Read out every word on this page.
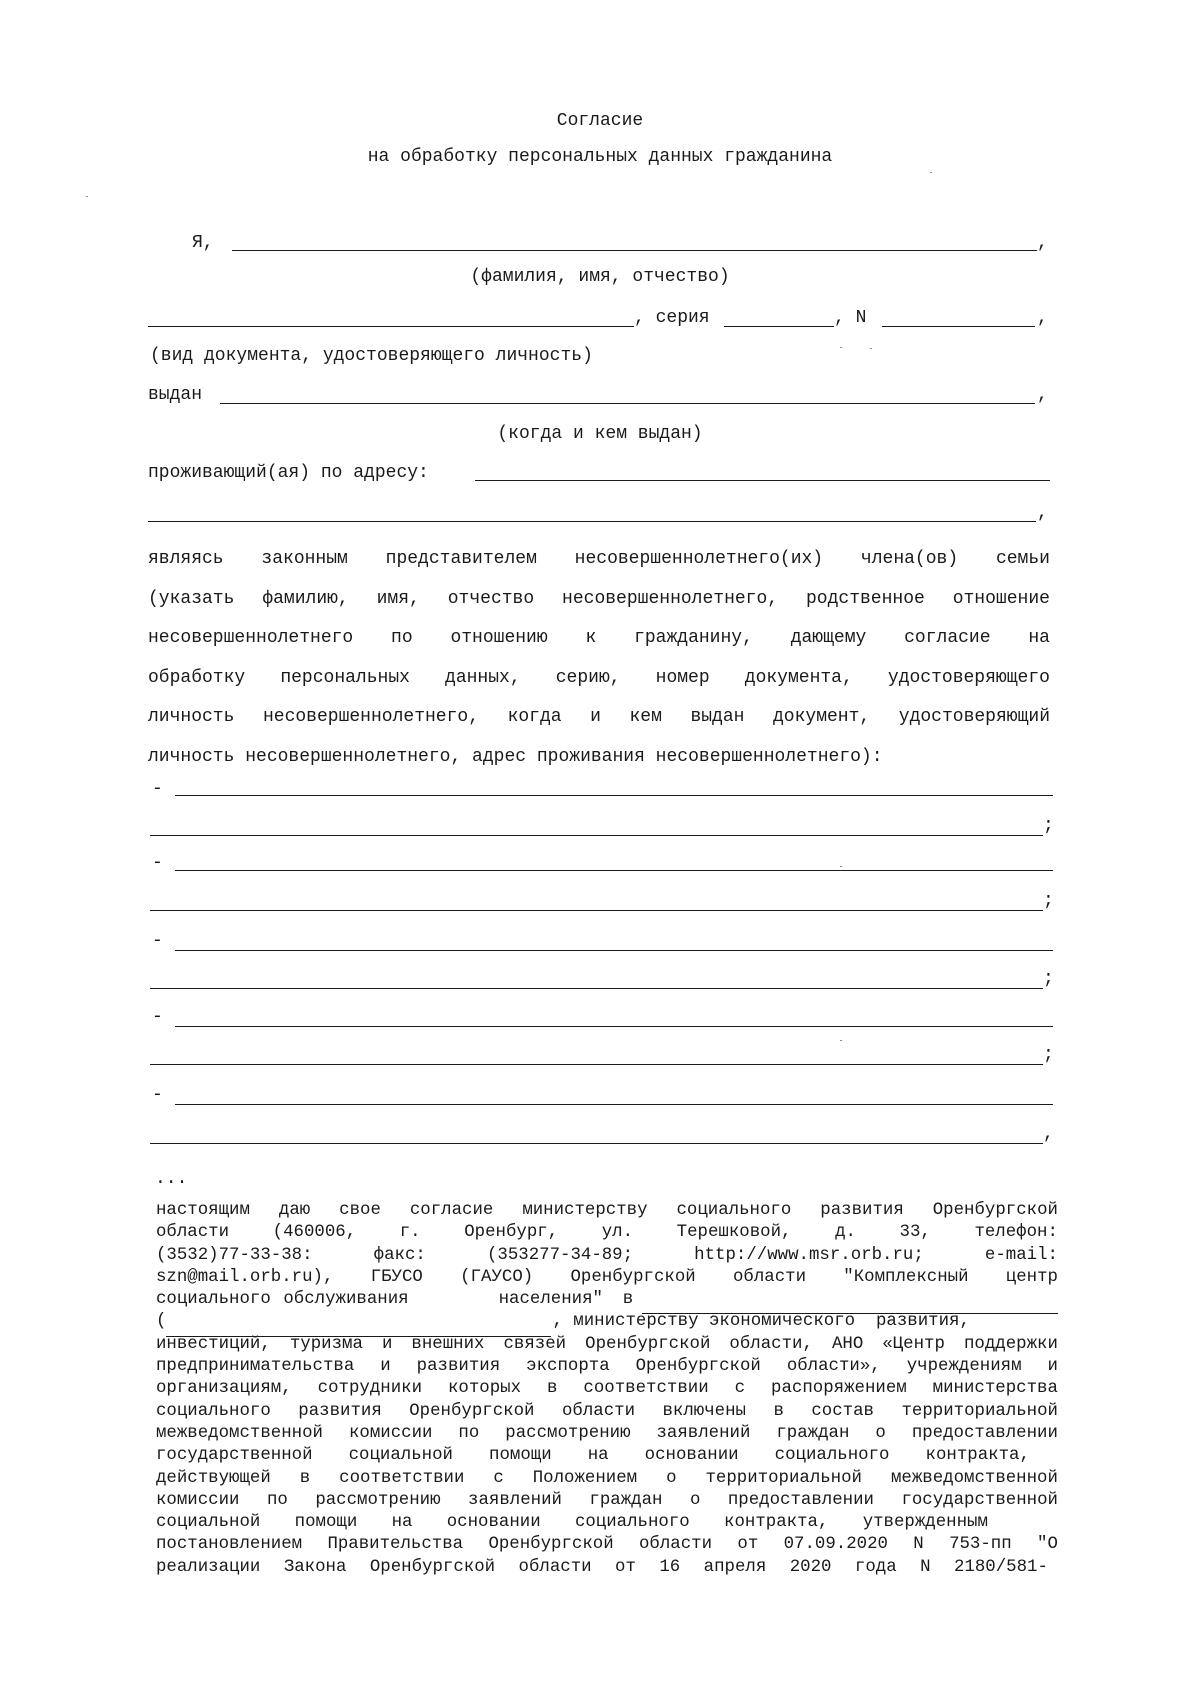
Согласие
на обработку персональных данных гражданина
Я,	,
(фамилия, имя, отчество)
, серия	, N	,
(вид документа, удостоверяющего личность)
выдан	,
(когда и кем выдан)
проживающий(ая) по адресу:
,
являясь законным представителем несовершеннолетнего(их) члена(ов) семьи
(указать фамилию, имя, отчество несовершеннолетнего, родственное отношение
несовершеннолетнего по отношению к гражданину, дающему согласие на
обработку персональных данных, серию, номер документа, удостоверяющего
личность несовершеннолетнего, когда и кем выдан документ, удостоверяющий
личность несовершеннолетнего, адрес проживания несовершеннолетнего):
-
;
-
;
-
;
-
;
-
,
...
настоящим даю свое согласие министерству социального развития Оренбургской
области	(460006,	г.	Оренбург,	ул.	Терешковой,	д.	33,	телефон:
(3532)77-33-38:	факс:	(353277-34-89;	http://www.msr.orb.ru;	e-mail:
szn@mail.orb.ru), ГБУСО (ГАУСО) Оренбургской области "Комплексный центр
социального обслуживания	населения"	в
(	, министерству экономического  развития,
инвестиций, туризма и внешних связей Оренбургской области, АНО «Центр поддержки
предпринимательства и развития экспорта Оренбургской области», учреждениям и
организациям, сотрудники которых в соответствии с распоряжением министерства
социального развития Оренбургской области включены в состав территориальной
межведомственной комиссии по рассмотрению заявлений граждан о предоставлении
государственной социальной помощи на основании социального контракта,
действующей в соответствии с Положением о территориальной межведомственной
комиссии по рассмотрению заявлений граждан о предоставлении государственной
социальной помощи на основании социального контракта, утвержденным
постановлением Правительства Оренбургской области от 07.09.2020 N 753-пп "О
реализации Закона Оренбургской области от 16 апреля 2020 года N 2180/581-
